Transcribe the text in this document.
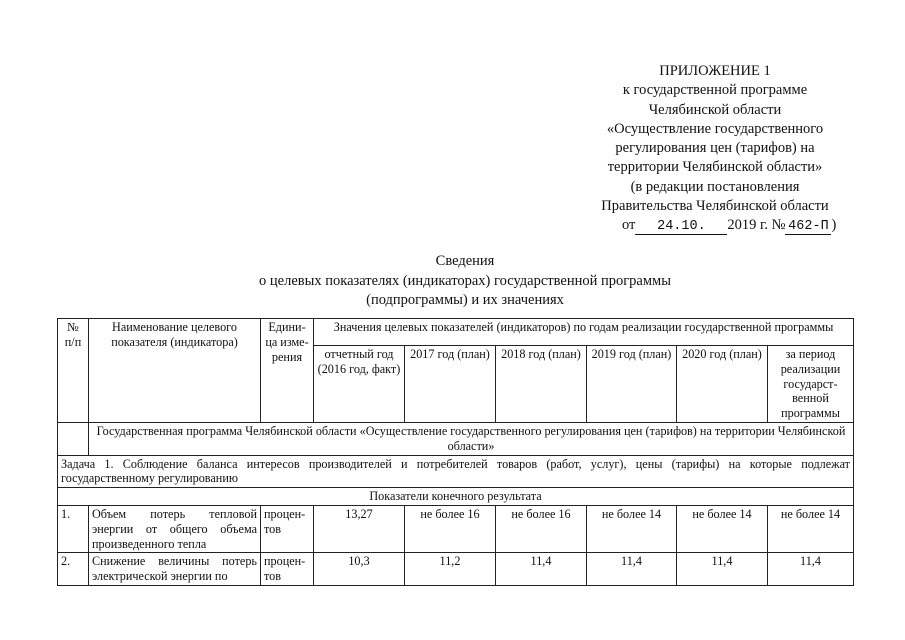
ПРИЛОЖЕНИЕ 1
к государственной программе
Челябинской области
«Осуществление государственного
регулирования цен (тарифов) на
территории Челябинской области»
(в редакции постановления
Правительства Челябинской области
от 24.10. 2019 г. № 462-П )
Сведения
о целевых показателях (индикаторах) государственной программы
(подпрограммы) и их значениях
№ п/п	Наименование целевого показателя (индикатора)	Едини-ца изме-рения	Значения целевых показателей (индикаторов) по годам реализации государственной программы					
			отчетный год (2016 год, факт)	2017 год (план)	2018 год (план)	2019 год (план)	2020 год (план)	за период реализации государст-венной программы
	Государственная программа Челябинской области «Осуществление государственного регулирования цен (тарифов) на территории Челябинской области»							
Задача 1. Соблюдение баланса интересов производителей и потребителей товаров (работ, услуг), цены (тарифы) на которые подлежат государственному регулированию								
Показатели конечного результата								
1.	Объем потерь тепловой энергии от общего объема произведенного тепла	процен-тов	13,27	не более 16	не более 16	не более 14	не более 14	не более 14
2.	Снижение величины потерь электрической энергии по	процен-тов	10,3	11,2	11,4	11,4	11,4	11,4
